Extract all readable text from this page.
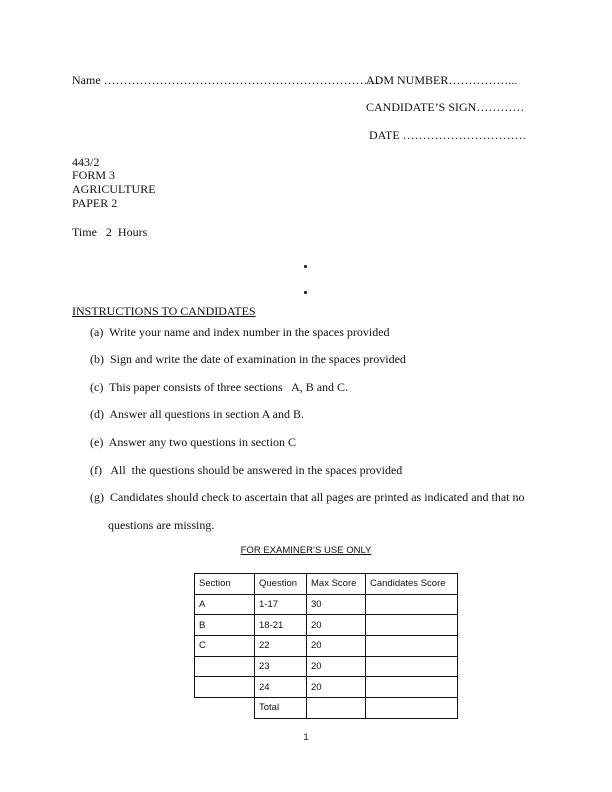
Name ……………………………………………………………
ADM NUMBER……………...
CANDIDATE’S SIGN…………
DATE ………………………….
443/2
FORM 3
AGRICULTURE
PAPER 2
Time   2  Hours
INSTRUCTIONS TO CANDIDATES
(a)  Write your name and index number in the spaces provided
(b)  Sign and write the date of examination in the spaces provided
(c)  This paper consists of three sections   A, B and C.
(d)  Answer all questions in section A and B.
(e)  Answer any two questions in section C
(f)   All  the questions should be answered in the spaces provided
(g)  Candidates should check to ascertain that all pages are printed as indicated and that no
questions are missing.
FOR EXAMINER’S USE ONLY
Section	Question	Max Score	Candidates Score
A	1-17	30	
B	18-21	20	
C	22	20	
	23	20	
	24	20	
	Total		
1
